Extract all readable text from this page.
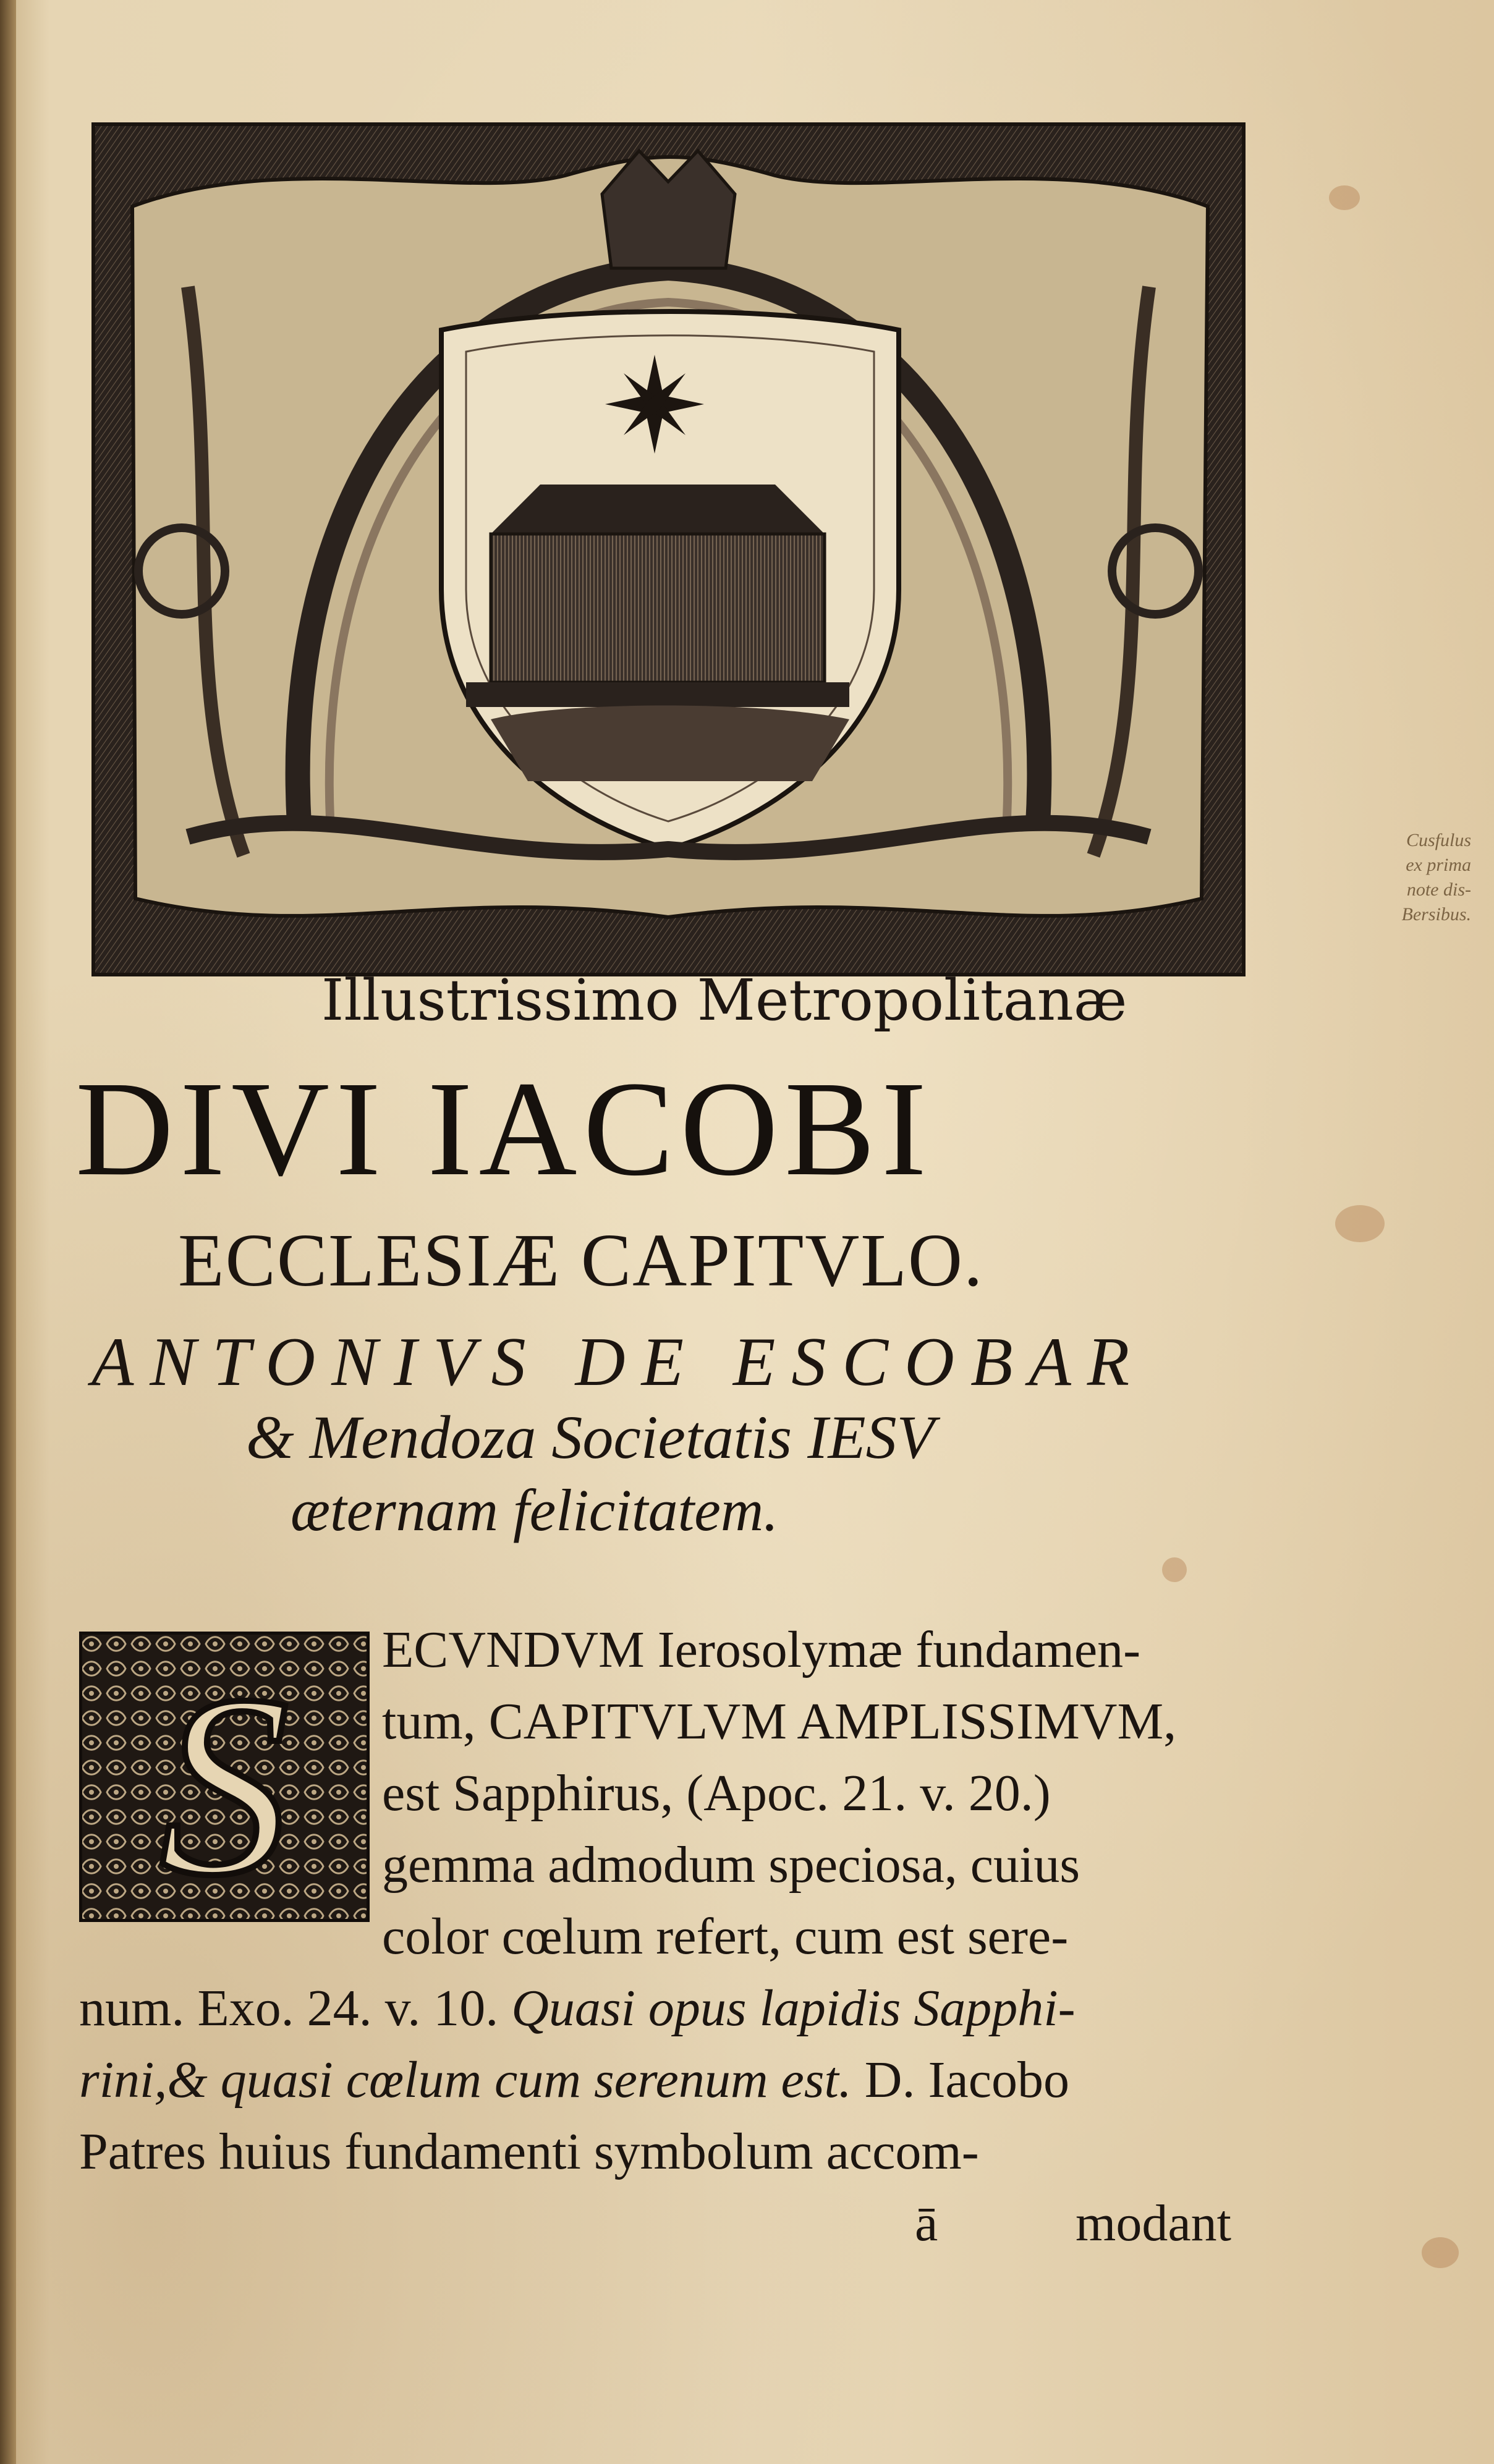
Cusfulus
ex prima
note dis-
Bersibus.
Illustrissimo Metropolitanæ
DIVI IACOBI
ECCLESIÆ CAPITVLO.
ANTONIVS DE ESCOBAR
& Mendoza Societatis IESV
æternam felicitatem.
S ECVNDVM Ierosolymæ fundamen-
tum, CAPITVLVM AMPLISSIMVM,
est Sapphirus, (Apoc. 21. v. 20.)
gemma admodum speciosa, cuius
color cœlum refert, cum est sere-
num. Exo. 24. v. 10. Quasi opus lapidis Sapphi-
rini,& quasi cœlum cum serenum est. D. Iacobo
Patres huius fundamenti symbolum accom-
ā	modant
